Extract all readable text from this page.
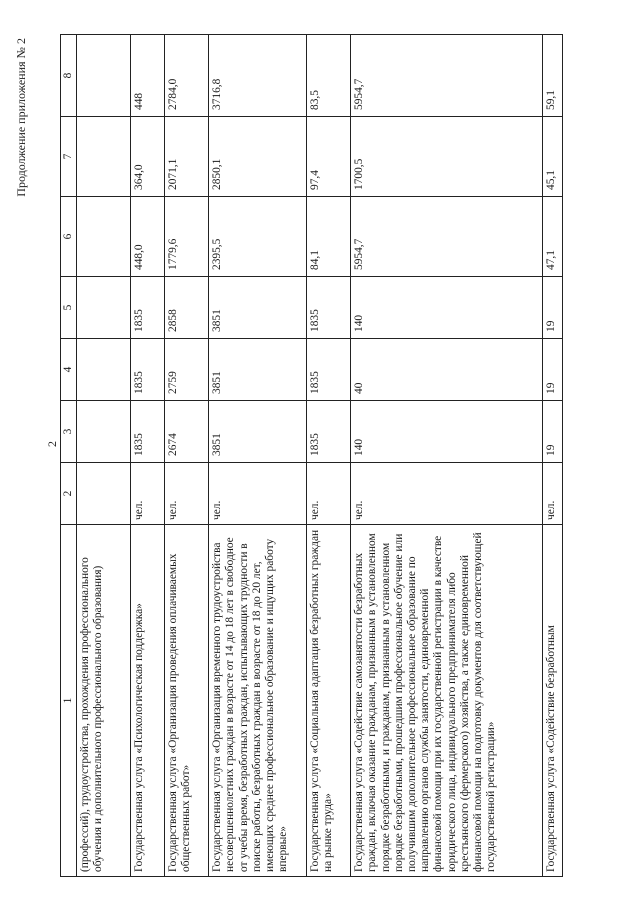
2
Продолжение приложения № 2
1	2	3	4	5	6	7	8
(профессий), трудоустройства, прохождения профессионального обучения и дополнительного профессионального образования)							
Государственная услуга «Психологическая поддержка»	чел.	1835	1835	1835	448,0	364,0	448
Государственная услуга «Организация проведения оплачиваемых общественных работ»	чел.	2674	2759	2858	1779,6	2071,1	2784,0
Государственная услуга «Организация временного трудоустройства несовершеннолетних граждан в возрасте от 14 до 18 лет в свободное от учебы время, безработных граждан, испытывающих трудности в поиске работы, безработных граждан в возрасте от 18 до 20 лет, имеющих среднее профессиональное образование и ищущих работу впервые»	чел.	3851	3851	3851	2395,5	2850,1	3716,8
Государственная услуга «Социальная адаптация безработных граждан на рынке труда»	чел.	1835	1835	1835	84,1	97,4	83,5
Государственная услуга «Содействие самозанятости безработных граждан, включая оказание гражданам, признанным в установленном порядке безработными, и гражданам, признанным в установленном порядке безработными, прошедшим профессиональное обучение или получившим дополнительное профессиональное образование по направлению органов службы занятости, единовременной финансовой помощи при их государственной регистрации в качестве юридического лица, индивидуального предпринимателя либо крестьянского (фермерского) хозяйства, а также единовременной финансовой помощи на подготовку документов для соответствующей государственной регистрации»	чел.	140	40	140	5954,7	1700,5	5954,7
Государственная услуга «Содействие безработным	чел.	19	19	19	47,1	45,1	59,1
